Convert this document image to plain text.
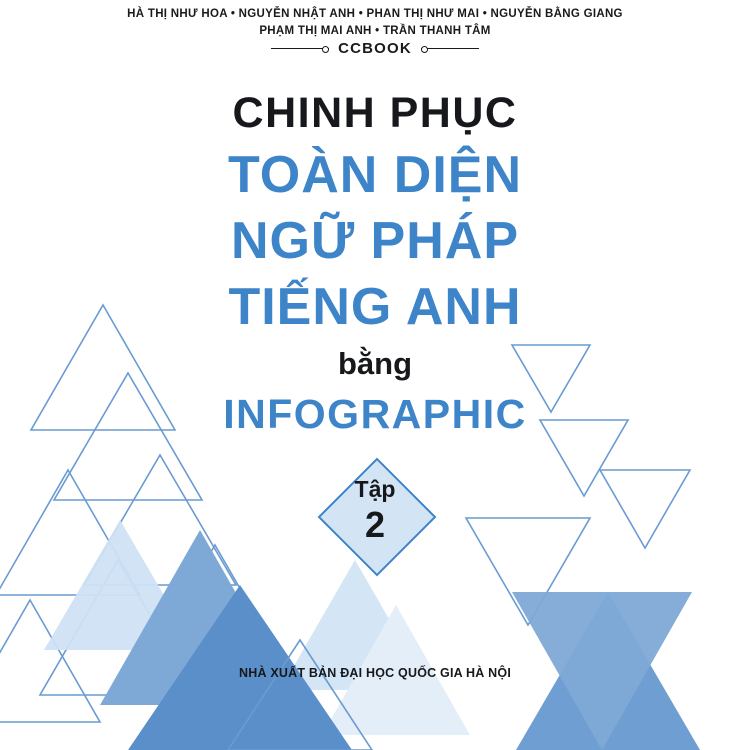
HÀ THỊ NHƯ HOA • NGUYỄN NHẬT ANH • PHAN THỊ NHƯ MAI • NGUYỄN BẰNG GIANG
PHẠM THỊ MAI ANH • TRẦN THANH TÂM
CCBOOK
CHINH PHỤC
TOÀN DIỆN
NGỮ PHÁP
TIẾNG ANH
bằng
INFOGRAPHIC
Tập
2
NHÀ XUẤT BẢN ĐẠI HỌC QUỐC GIA HÀ NỘI
